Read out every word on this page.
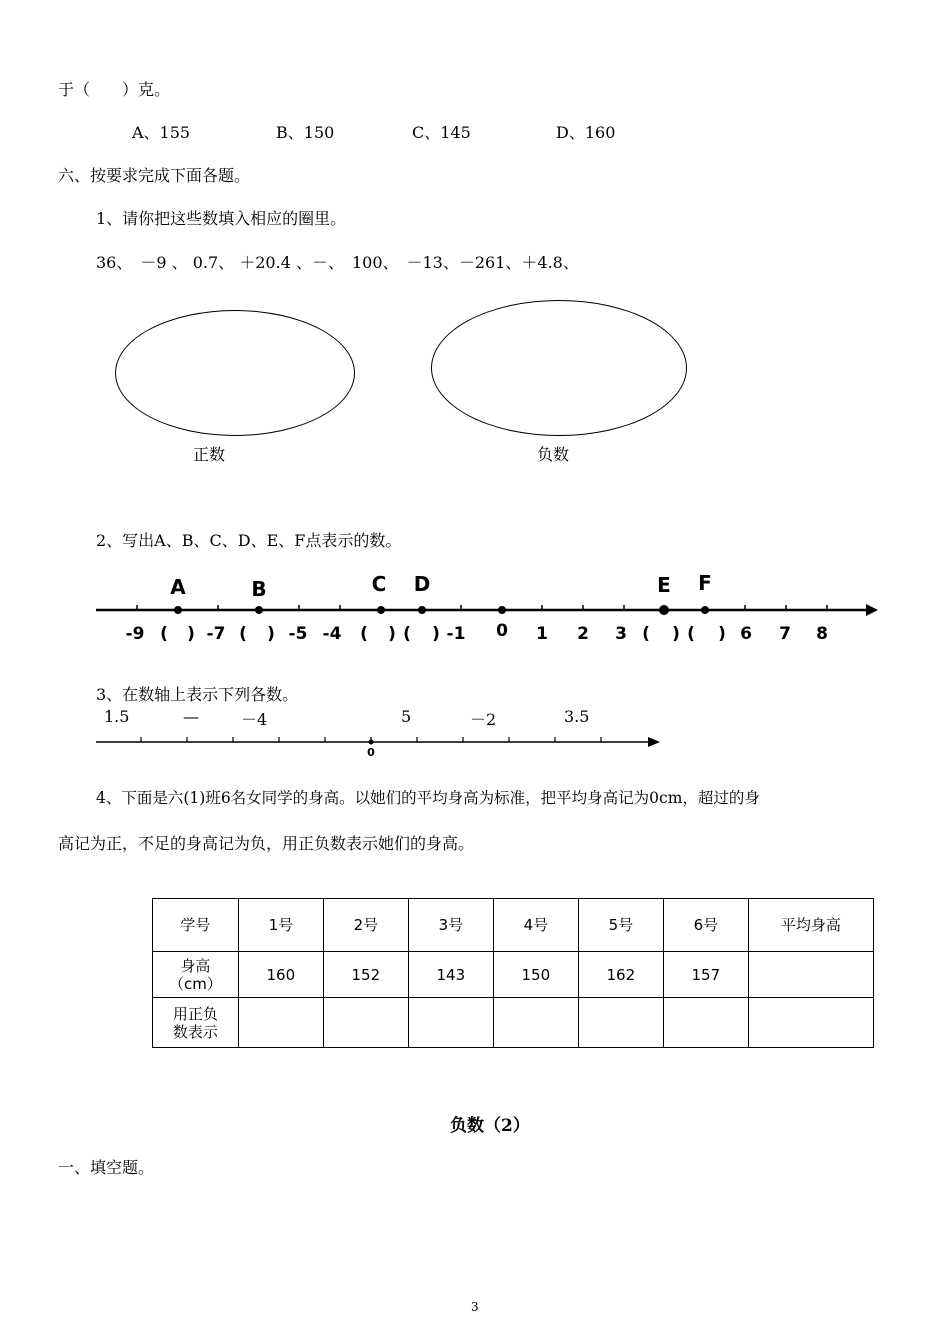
于（　　）克。
A、155	B、150	C、145	D、160
六、按要求完成下面各题。
1、请你把这些数填入相应的圈里。
36、　－9 、 0.7、 ＋20.4 、－、　100、　－13、－261、＋4.8、
正数	负数
2、写出A、B、C、D、E、F点表示的数。
A	B	C D	E F
-9 ( ) -7 ( ) -5 -4 ( ) ( ) -1 0 1 2 3 ( ) ( ) 6 7 8
3、在数轴上表示下列各数。
1.5	—	－4	5	－2	3.5
0
4、下面是六(1)班6名女同学的身高。以她们的平均身高为标准，把平均身高记为0cm，超过的身
高记为正，不足的身高记为负，用正负数表示她们的身高。
学号	1号	2号	3号	4号	5号	6号	平均身高
身高（cm）	160	152	143	150	162	157	
用正负数表示							
负数（2）
一、填空题。
3
